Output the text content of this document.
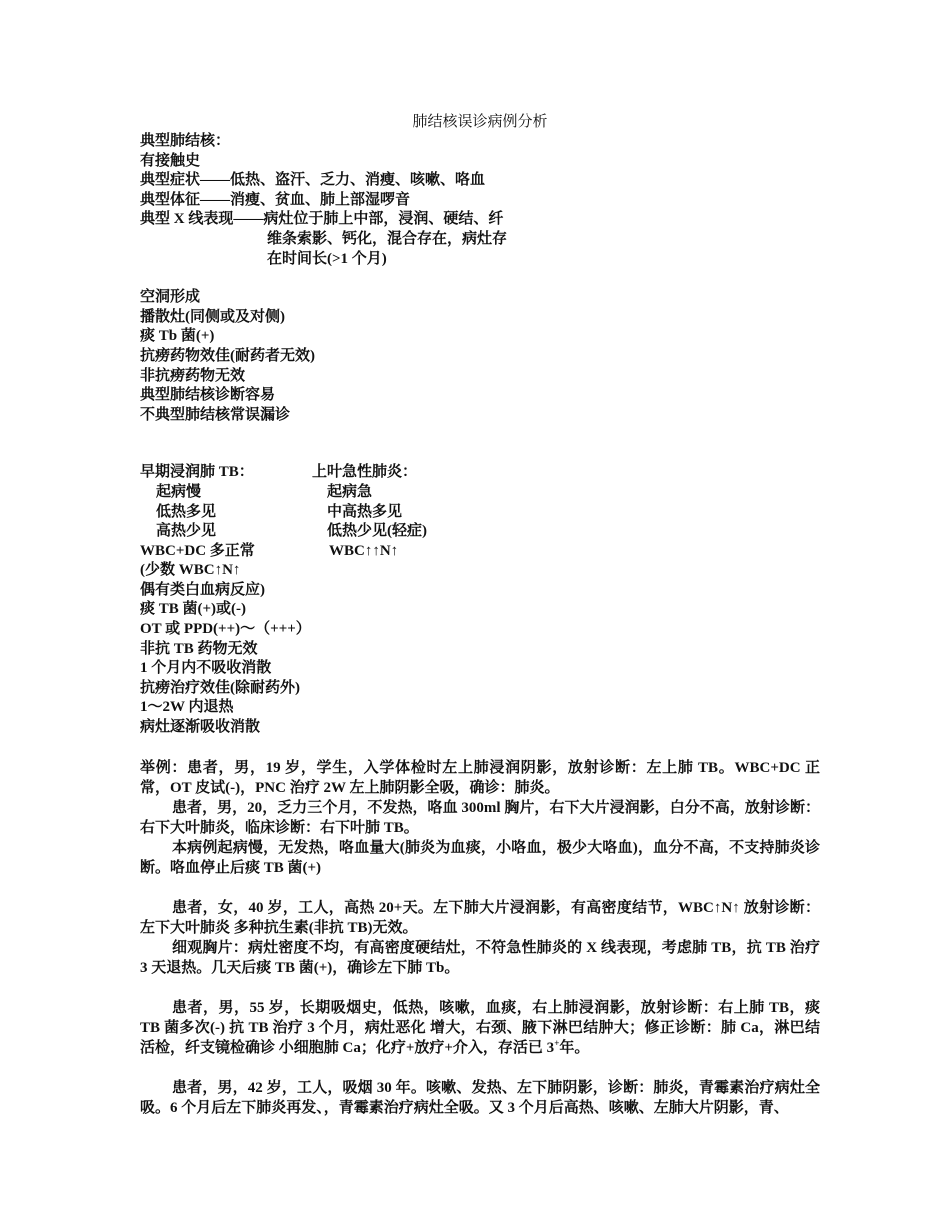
肺结核误诊病例分析
典型肺结核：
有接触史
典型症状——低热、盗汗、乏力、消瘦、咳嗽、咯血
典型体征——消瘦、贫血、肺上部湿啰音
典型 X 线表现——病灶位于肺上中部，浸润、硬结、纤
维条索影、钙化，混合存在，病灶存
在时间长(>1 个月)
空洞形成
播散灶(同侧或及对侧)
痰 Tb 菌(+)
抗痨药物效佳(耐药者无效)
非抗痨药物无效
典型肺结核诊断容易
不典型肺结核常误漏诊
早期浸润肺 TB：	上叶急性肺炎：
起病慢	起病急
低热多见	中高热多见
高热少见	低热少见(轻症)
WBC+DC 多正常	WBC↑↑N↑
(少数 WBC↑N↑
偶有类白血病反应)
痰 TB 菌(+)或(-)
OT 或 PPD(++)～（+++）
非抗 TB 药物无效
1 个月内不吸收消散
抗痨治疗效佳(除耐药外)
1～2W 内退热
病灶逐渐吸收消散
举例：患者，男，19 岁，学生，入学体检时左上肺浸润阴影，放射诊断：左上肺 TB。WBC+DC 正常，OT 皮试(-)，PNC 治疗 2W 左上肺阴影全吸，确诊：肺炎。
患者，男，20，乏力三个月，不发热，咯血 300ml 胸片，右下大片浸润影，白分不高，放射诊断：右下大叶肺炎，临床诊断：右下叶肺 TB。
本病例起病慢，无发热，咯血量大(肺炎为血痰，小咯血，极少大咯血)，血分不高，不支持肺炎诊断。咯血停止后痰 TB 菌(+)
患者，女，40 岁，工人，高热 20+天。左下肺大片浸润影，有高密度结节，WBC↑N↑ 放射诊断：左下大叶肺炎 多种抗生素(非抗 TB)无效。
细观胸片：病灶密度不均，有高密度硬结灶，不符急性肺炎的 X 线表现，考虑肺 TB，抗 TB 治疗 3 天退热。几天后痰 TB 菌(+)，确诊左下肺 Tb。
患者，男，55 岁，长期吸烟史，低热，咳嗽，血痰，右上肺浸润影，放射诊断：右上肺 TB，痰 TB 菌多次(-) 抗 TB 治疗 3 个月，病灶恶化 增大，右颈、腋下淋巴结肿大；修正诊断：肺 Ca，淋巴结活检，纤支镜检确诊 小细胞肺 Ca；化疗+放疗+介入，存活已 3+年。
患者，男，42 岁，工人，吸烟 30 年。咳嗽、发热、左下肺阴影，诊断：肺炎，青霉素治疗病灶全吸。6 个月后左下肺炎再发、，青霉素治疗病灶全吸。又 3 个月后高热、咳嗽、左肺大片阴影，青、
